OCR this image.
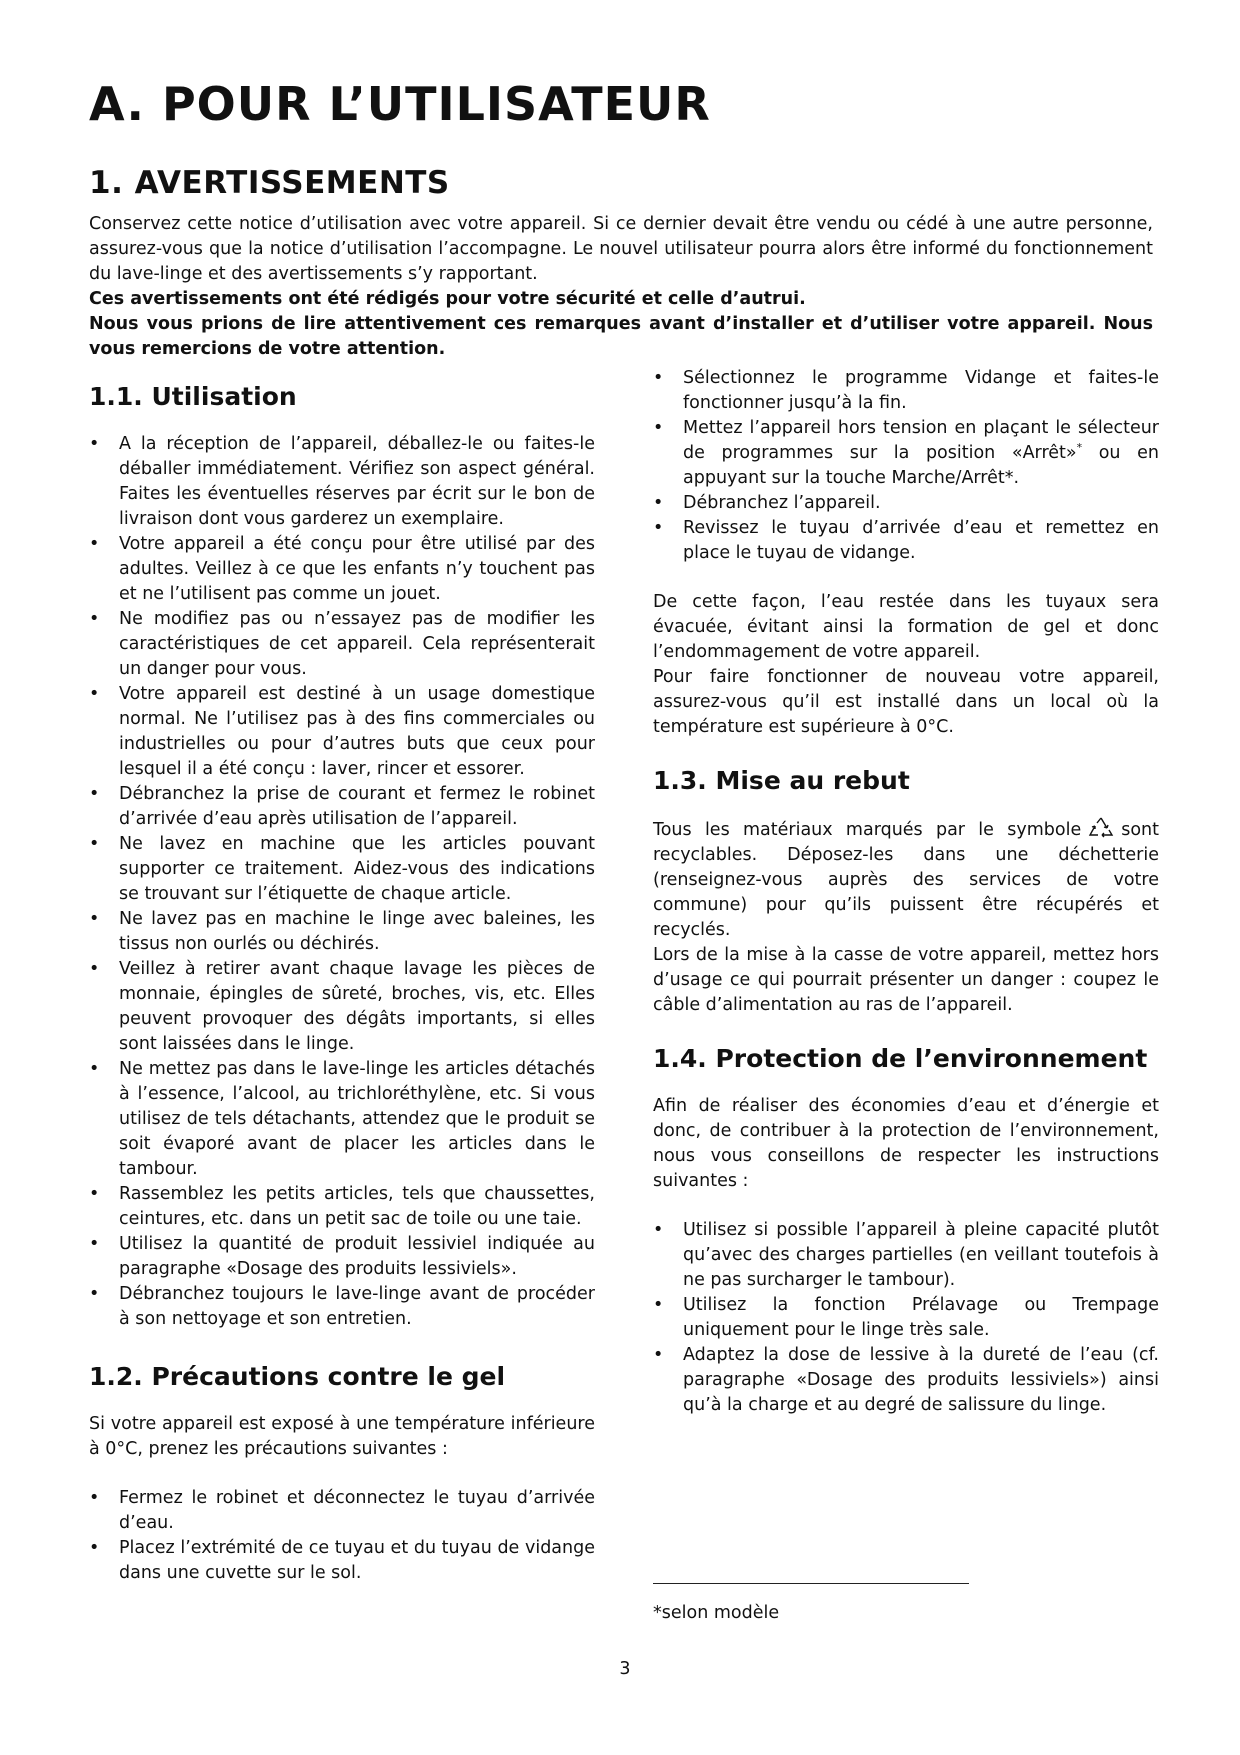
A. POUR L’UTILISATEUR
1. AVERTISSEMENTS

Conservez cette notice d’utilisation avec votre appareil. Si ce dernier devait être vendu ou cédé à une autre personne, assurez-vous que la notice d’utilisation l’accompagne. Le nouvel utilisateur pourra alors être informé du fonctionnement du lave-linge et des avertissements s’y rapportant.

Ces avertissements ont été rédigés pour votre sécurité et celle d’autrui.

Nous vous prions de lire attentivement ces remarques avant d’installer et d’utiliser votre appareil. Nous vous remercions de votre attention.

1.1. Utilisation
• A la réception de l’appareil, déballez-le ou faites-le déballer immédiatement. Vérifiez son aspect général. Faites les éventuelles réserves par écrit sur le bon de livraison dont vous garderez un exemplaire.
• Votre appareil a été conçu pour être utilisé par des adultes. Veillez à ce que les enfants n’y touchent pas et ne l’utilisent pas comme un jouet.
• Ne modifiez pas ou n’essayez pas de modifier les caractéristiques de cet appareil. Cela représenterait un danger pour vous.
• Votre appareil est destiné à un usage domestique normal. Ne l’utilisez pas à des fins commerciales ou industrielles ou pour d’autres buts que ceux pour lesquel il a été conçu : laver, rincer et essorer.
• Débranchez la prise de courant et fermez le robinet d’arrivée d’eau après utilisation de l’appareil.
• Ne lavez en machine que les articles pouvant supporter ce traitement. Aidez-vous des indications se trouvant sur l’étiquette de chaque article.
• Ne lavez pas en machine le linge avec baleines, les tissus non ourlés ou déchirés.
• Veillez à retirer avant chaque lavage les pièces de monnaie, épingles de sûreté, broches, vis, etc. Elles peuvent provoquer des dégâts importants, si elles sont laissées dans le linge.
• Ne mettez pas dans le lave-linge les articles détachés à l’essence, l’alcool, au trichloréthylène, etc. Si vous utilisez de tels détachants, attendez que le produit se soit évaporé avant de placer les articles dans le tambour.
• Rassemblez les petits articles, tels que chaussettes, ceintures, etc. dans un petit sac de toile ou une taie.
• Utilisez la quantité de produit lessiviel indiquée au paragraphe «Dosage des produits lessiviels».
• Débranchez toujours le lave-linge avant de procéder à son nettoyage et son entretien.
1.2. Précautions contre le gel

Si votre appareil est exposé à une température inférieure à 0°C, prenez les précautions suivantes :

• Fermez le robinet et déconnectez le tuyau d’arrivée d’eau.
• Placez l’extrémité de ce tuyau et du tuyau de vidange dans une cuvette sur le sol.
• Sélectionnez le programme Vidange et faites-le fonctionner jusqu’à la fin.
• Mettez l’appareil hors tension en plaçant le sélecteur de programmes sur la position «Arrêt»* ou en appuyant sur la touche Marche/Arrêt*.
• Débranchez l’appareil.
• Revissez le tuyau d’arrivée d’eau et remettez en place le tuyau de vidange.

De cette façon, l’eau restée dans les tuyaux sera évacuée, évitant ainsi la formation de gel et donc l’endommagement de votre appareil.

Pour faire fonctionner de nouveau votre appareil, assurez-vous qu’il est installé dans un local où la température est supérieure à 0°C.

1.3. Mise au rebut

Tous les matériaux marqués par le symbole sont recyclables. Déposez-les dans une déchetterie (renseignez-vous auprès des services de votre commune) pour qu’ils puissent être récupérés et recyclés.

Lors de la mise à la casse de votre appareil, mettez hors d’usage ce qui pourrait présenter un danger : coupez le câble d’alimentation au ras de l’appareil.

1.4. Protection de l’environnement

Afin de réaliser des économies d’eau et d’énergie et donc, de contribuer à la protection de l’environnement, nous vous conseillons de respecter les instructions suivantes :

• Utilisez si possible l’appareil à pleine capacité plutôt qu’avec des charges partielles (en veillant toutefois à ne pas surcharger le tambour).
• Utilisez la fonction Prélavage ou Trempage uniquement pour le linge très sale.
• Adaptez la dose de lessive à la dureté de l’eau (cf. paragraphe «Dosage des produits lessiviels») ainsi qu’à la charge et au degré de salissure du linge.
*selon modèle
3
